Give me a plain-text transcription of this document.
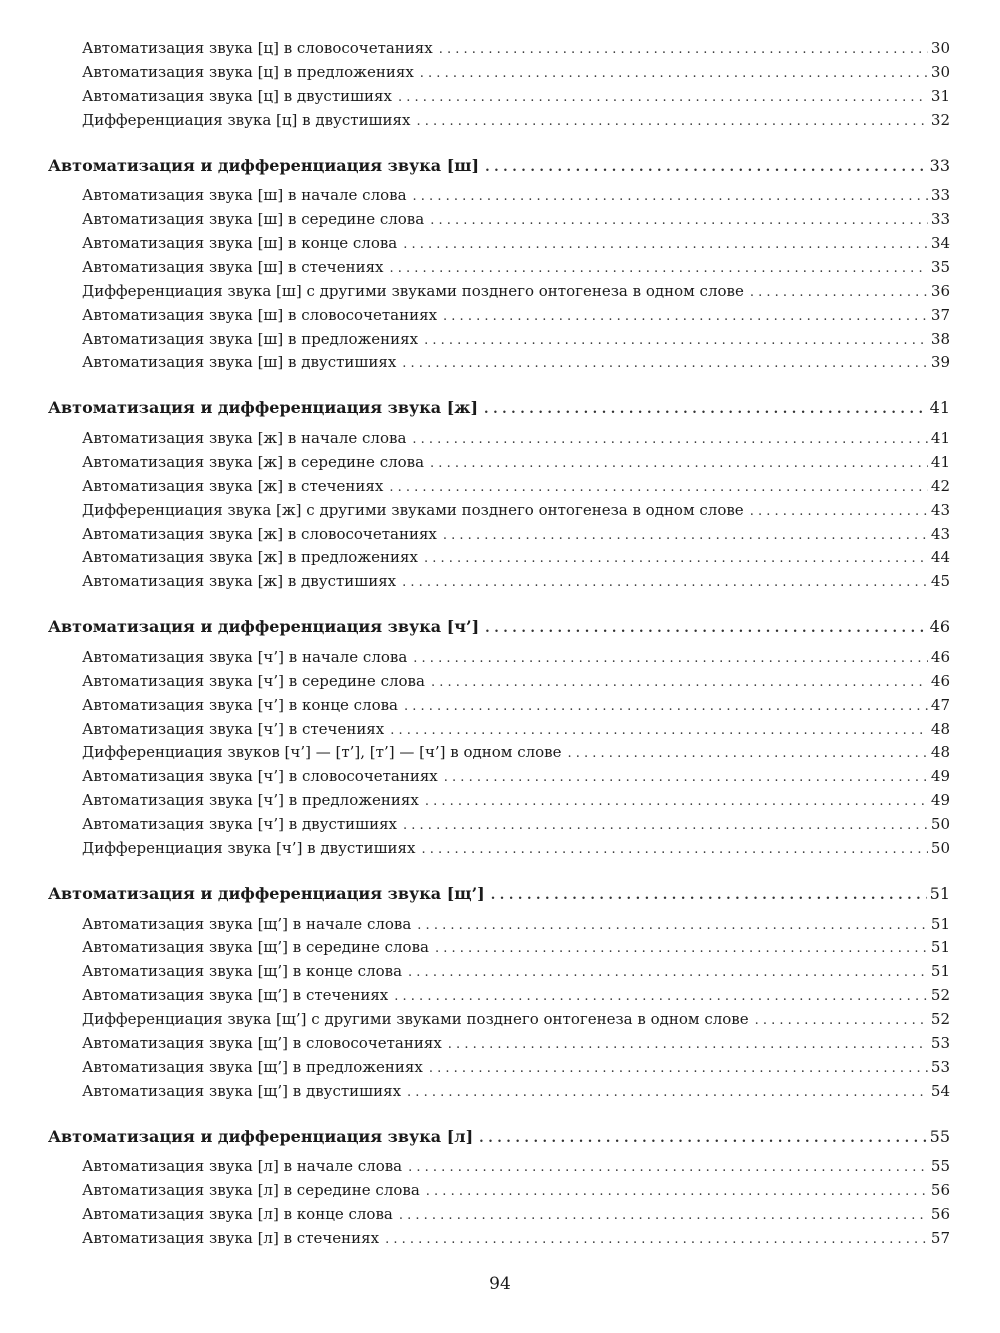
Автоматизация звука [ц] в словосочетаниях . . .	30
Автоматизация звука [ц] в предложениях . . .	30
Автоматизация звука [ц] в двустишиях . . .	31
Дифференциация звука [ц] в двустишиях . . .	32
Автоматизация и дифференциация звука [ш] . . .	33
Автоматизация звука [ш] в начале слова . . .	33
Автоматизация звука [ш] в середине слова . . .	33
Автоматизация звука [ш] в конце слова . . .	34
Автоматизация звука [ш] в стечениях . . .	35
Дифференциация звука [ш] с другими звуками позднего онтогенеза в одном слове . . .	36
Автоматизация звука [ш] в словосочетаниях . . .	37
Автоматизация звука [ш] в предложениях . . .	38
Автоматизация звука [ш] в двустишиях . . .	39
Автоматизация и дифференциация звука [ж] . . .	41
Автоматизация звука [ж] в начале слова . . .	41
Автоматизация звука [ж] в середине слова . . .	41
Автоматизация звука [ж] в стечениях . . .	42
Дифференциация звука [ж] с другими звуками позднего онтогенеза в одном слове . . .	43
Автоматизация звука [ж] в словосочетаниях . . .	43
Автоматизация звука [ж] в предложениях . . .	44
Автоматизация звука [ж] в двустишиях . . .	45
Автоматизация и дифференциация звука [ч’] . . .	46
Автоматизация звука [ч’] в начале слова . . .	46
Автоматизация звука [ч’] в середине слова . . .	46
Автоматизация звука [ч’] в конце слова . . .	47
Автоматизация звука [ч’] в стечениях . . .	48
Дифференциация звуков [ч’] — [т’], [т’] — [ч’] в одном слове . . .	48
Автоматизация звука [ч’] в словосочетаниях . . .	49
Автоматизация звука [ч’] в предложениях . . .	49
Автоматизация звука [ч’] в двустишиях . . .	50
Дифференциация звука [ч’] в двустишиях . . .	50
Автоматизация и дифференциация звука [щ’] . . .	51
Автоматизация звука [щ’] в начале слова . . .	51
Автоматизация звука [щ’] в середине слова . . .	51
Автоматизация звука [щ’] в конце слова . . .	51
Автоматизация звука [щ’] в стечениях . . .	52
Дифференциация звука [щ’] с другими звуками позднего онтогенеза в одном слове . . .	52
Автоматизация звука [щ’] в словосочетаниях . . .	53
Автоматизация звука [щ’] в предложениях . . .	53
Автоматизация звука [щ’] в двустишиях . . .	54
Автоматизация и дифференциация звука [л] . . .	55
Автоматизация звука [л] в начале слова . . .	55
Автоматизация звука [л] в середине слова . . .	56
Автоматизация звука [л] в конце слова . . .	56
Автоматизация звука [л] в стечениях . . .	57
94
